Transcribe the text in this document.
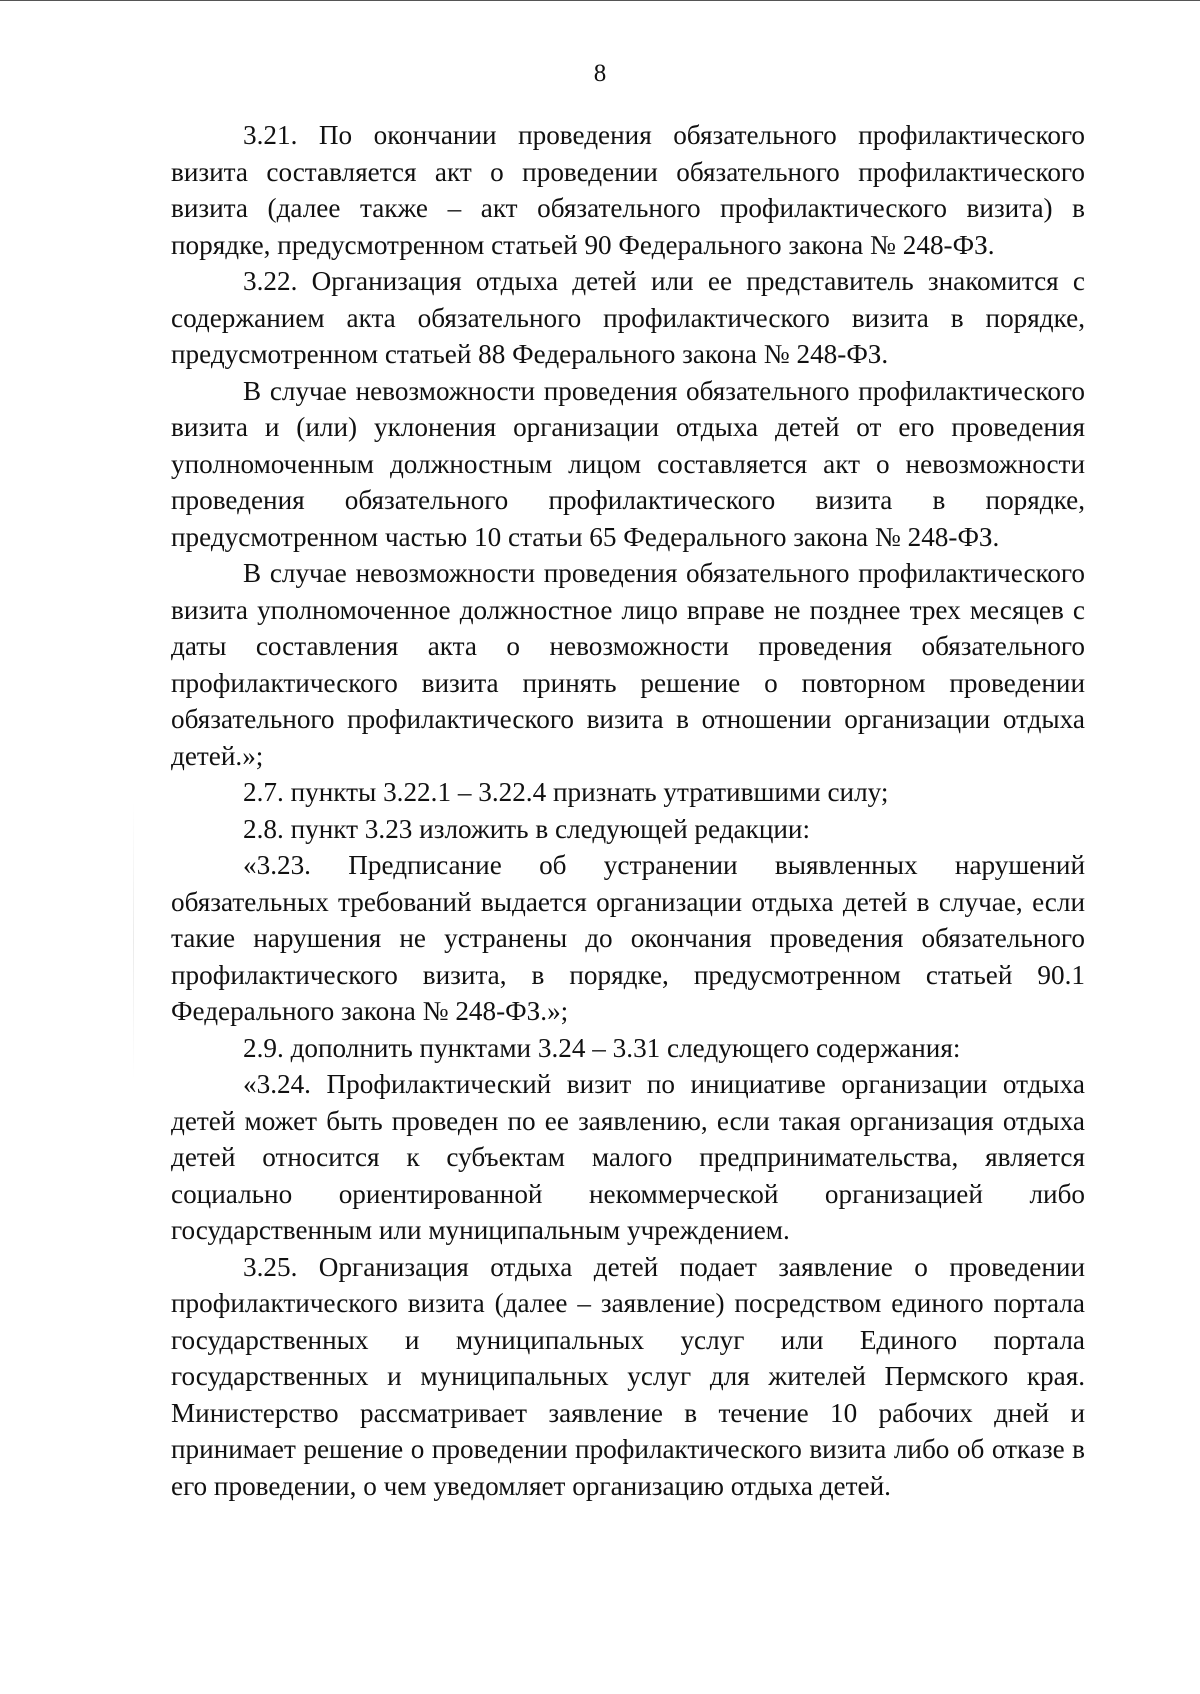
8

3.21. По окончании проведения обязательного профилактического визита составляется акт о проведении обязательного профилактического визита (далее также – акт обязательного профилактического визита) в порядке, предусмотренном статьей 90 Федерального закона № 248-ФЗ.

3.22. Организация отдыха детей или ее представитель знакомится с содержанием акта обязательного профилактического визита в порядке, предусмотренном статьей 88 Федерального закона № 248-ФЗ.

В случае невозможности проведения обязательного профилактического визита и (или) уклонения организации отдыха детей от его проведения уполномоченным должностным лицом составляется акт о невозможности проведения обязательного профилактического визита в порядке, предусмотренном частью 10 статьи 65 Федерального закона № 248-ФЗ.

В случае невозможности проведения обязательного профилактического визита уполномоченное должностное лицо вправе не позднее трех месяцев с даты составления акта о невозможности проведения обязательного профилактического визита принять решение о повторном проведении обязательного профилактического визита в отношении организации отдыха детей.»;

2.7. пункты 3.22.1 – 3.22.4 признать утратившими силу;

2.8. пункт 3.23 изложить в следующей редакции:

«3.23. Предписание об устранении выявленных нарушений обязательных требований выдается организации отдыха детей в случае, если такие нарушения не устранены до окончания проведения обязательного профилактического визита, в порядке, предусмотренном статьей 90.1 Федерального закона № 248-ФЗ.»;

2.9. дополнить пунктами 3.24 – 3.31 следующего содержания:

«3.24. Профилактический визит по инициативе организации отдыха детей может быть проведен по ее заявлению, если такая организация отдыха детей относится к субъектам малого предпринимательства, является социально ориентированной некоммерческой организацией либо государственным или муниципальным учреждением.

3.25. Организация отдыха детей подает заявление о проведении профилактического визита (далее – заявление) посредством единого портала государственных и муниципальных услуг или Единого портала государственных и муниципальных услуг для жителей Пермского края. Министерство рассматривает заявление в течение 10 рабочих дней и принимает решение о проведении профилактического визита либо об отказе в его проведении, о чем уведомляет организацию отдыха детей.
